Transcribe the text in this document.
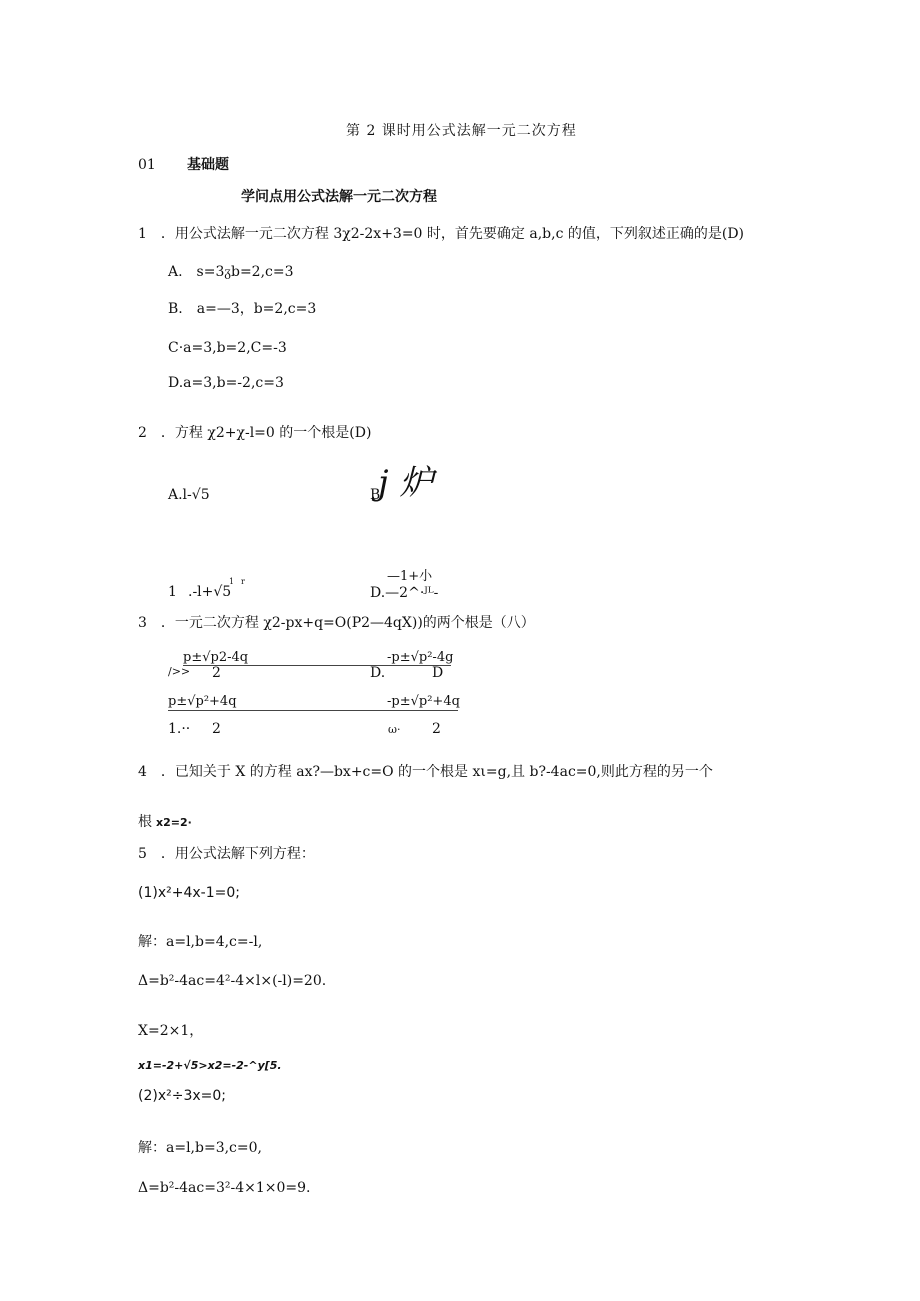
第 2 课时用公式法解一元二次方程
01 基础题
学问点用公式法解一元二次方程
1　．用公式法解一元二次方程 3χ2-2x+3=0 时，首先要确定 a,b,c 的值，下列叙述正确的是(D)
A.　s=3ᵹb=2,c=3
B.　a=—3，b=2,c=3
C·a=3,b=2,C=-3
D.a=3,b=-2,c=3
2　．方程 χ2+χ-l=0 的一个根是(D)
A.l-√5	B
j 炉
1 .-l+√5
1 r	—1+小
D.—2^·ᴶᴸ-
3　．一元二次方程 χ2-px+q=O(P2—4qX))的两个根是（八）
p±√p2-4q	-p±√p²-4g
/>> 2	D.	D
p±√p²+4q	-p±√p²+4q
1.·· 2	ω· 2
4　．已知关于 X 的方程 ax?—bx+c=O 的一个根是 xι=g,且 b?-4ac=0,则此方程的另一个
根 x2=2·
5　．用公式法解下列方程：
(1)x²+4x-1=0;
解：a=l,b=4,c=-l,
Δ=b²-4ac=4²-4×l×(-l)=20.
X=2×1，
x1=-2+√5>x2=-2-^y[5.
(2)x²÷3x=0;
解：a=l,b=3,c=0,
Δ=b²-4ac=3²-4×1×0=9.
